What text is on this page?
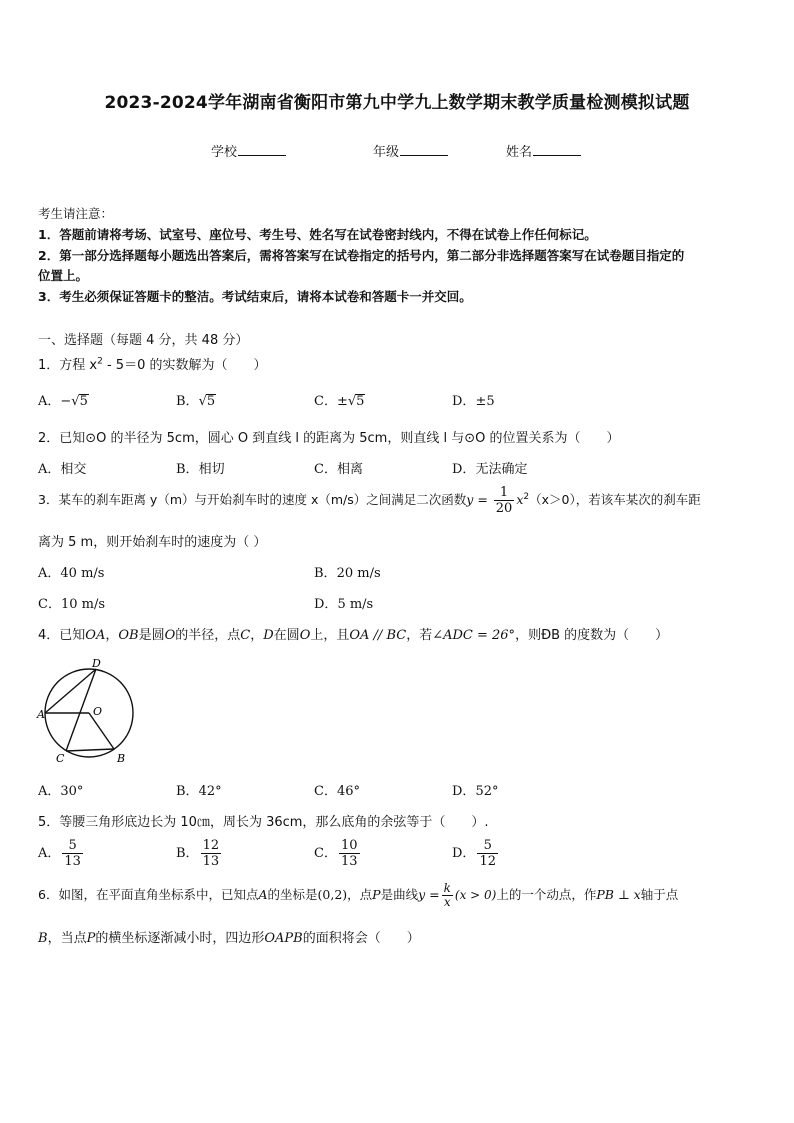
2023-2024学年湖南省衡阳市第九中学九上数学期末教学质量检测模拟试题
学校	年级	姓名
考生请注意：
1．答题前请将考场、试室号、座位号、考生号、姓名写在试卷密封线内，不得在试卷上作任何标记。
2．第一部分选择题每小题选出答案后，需将答案写在试卷指定的括号内，第二部分非选择题答案写在试卷题目指定的
位置上。
3．考生必须保证答题卡的整洁。考试结束后，请将本试卷和答题卡一并交回。
一、选择题（每题 4 分，共 48 分）
1．方程 $x^2 - 5=0$ 的实数解为（　　）
A．−√5	B．√5	C．±√5	D．±5
2．已知⊙O 的半径为 5cm，圆心 O 到直线 l 的距离为 5cm，则直线 l 与⊙O 的位置关系为（　　）
A．相交	B．相切	C．相离	D．无法确定
3．某车的刹车距离 y（m）与开始刹车时的速度 x（m/s）之间满足二次函数$y = \frac{1}{20} x^2(x>0)$，若该车某次的刹车距
离为 5 m，则开始刹车时的速度为（ ）
A．40 m/s	B．20 m/s
C．10 m/s	D．5 m/s
4．已知OA，OB是圆O的半径，点C，D在圆O上，且OA // BC，若∠ADC = 26°，则ÐB 的度数为（　　）
D
A	O
C	B
A．30°	B．42°	C．46°	D．52°
5．等腰三角形底边长为 10㎝，周长为 36cm，那么底角的余弦等于（　　）.
A． $\frac{5}{13}$	B． $\frac{12}{13}$	C． $\frac{10}{13}$	D． $\frac{5}{12}$
6．如图，在平面直角坐标系中，已知点A的坐标是(0,2)，点P是曲线$y = \frac{k}{x} (x > 0)$上的一个动点，作PB ⊥ x轴于点
B，当点P的横坐标逐渐减小时，四边形OAPB的面积将会（　　）
